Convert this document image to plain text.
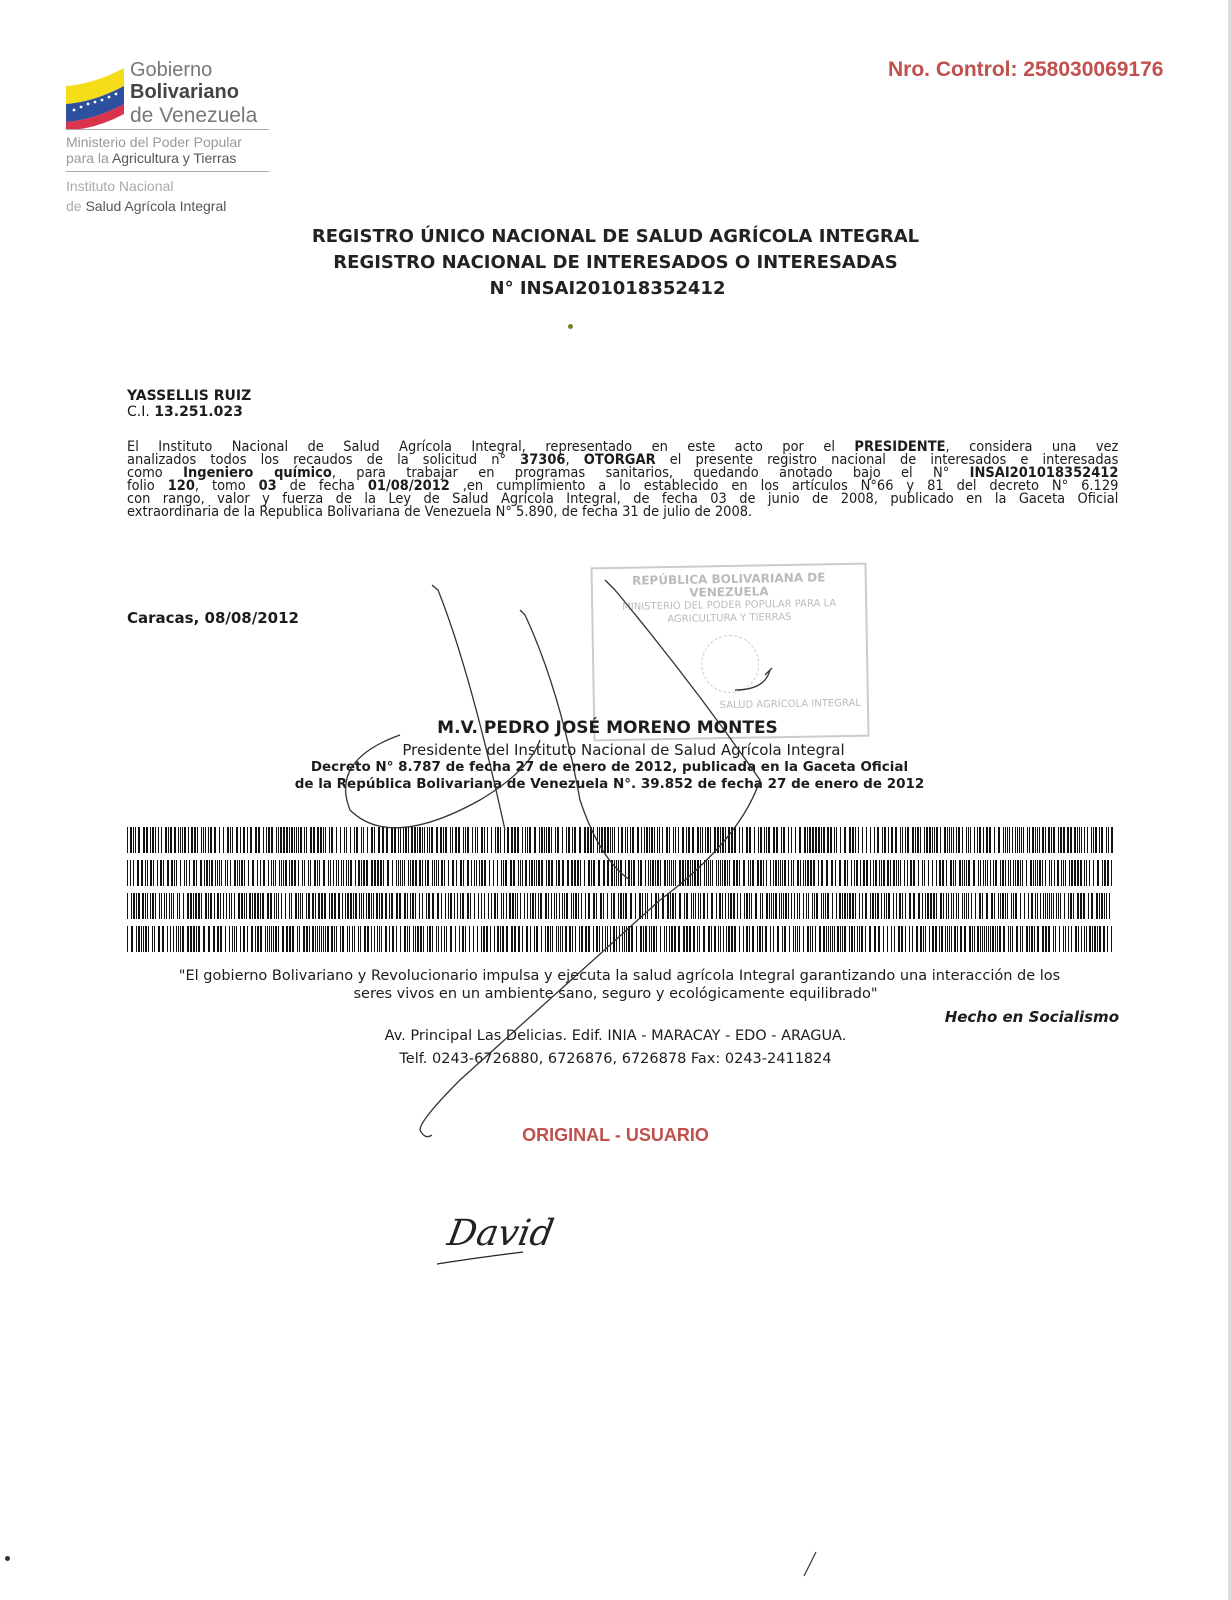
Gobierno
Bolivariano
de Venezuela
Ministerio del Poder Popular
para la Agricultura y Tierras
Instituto Nacional
de Salud Agrícola Integral
Nro. Control: 258030069176
REGISTRO ÚNICO NACIONAL DE SALUD AGRÍCOLA INTEGRAL
REGISTRO NACIONAL DE INTERESADOS O INTERESADAS
N° INSAI201018352412
YASSELLIS RUIZ
C.I. 13.251.023
El Instituto Nacional de Salud Agrícola Integral, representado en este acto por el PRESIDENTE, considera una vez
analizados todos los recaudos de la solicitud n° 37306, OTORGAR el presente registro nacional de interesados e interesadas
como Ingeniero químico, para trabajar en programas sanitarios, quedando anotado bajo el N° INSAI201018352412
folio 120, tomo 03 de fecha 01/08/2012 ,en cumplimiento a lo establecido en los artículos N°66 y 81 del decreto N° 6.129
con rango, valor y fuerza de la Ley de Salud Agrícola Integral, de fecha 03 de junio de 2008, publicado en la Gaceta Oficial
extraordinaria de la Republica Bolivariana de Venezuela N° 5.890, de fecha 31 de julio de 2008.
Caracas, 08/08/2012
REPÚBLICA BOLIVARIANA DE VENEZUELA
MINISTERIO DEL PODER POPULAR PARA LA
AGRICULTURA Y TIERRAS
SALUD AGRÍCOLA INTEGRAL
M.V. PEDRO JOSÉ MORENO MONTES
Presidente del Instituto Nacional de Salud Agrícola Integral
Decreto N° 8.787 de fecha 27 de enero de 2012, publicada en la Gaceta Oficial
de la República Bolivariana de Venezuela N°. 39.852 de fecha 27 de enero de 2012
"El gobierno Bolivariano y Revolucionario impulsa y ejecuta la salud agrícola Integral garantizando una interacción de los
seres vivos en un ambiente sano, seguro y ecológicamente equilibrado"
Hecho en Socialismo
Av. Principal Las Delicias. Edif. INIA - MARACAY - EDO - ARAGUA.
Telf. 0243-6726880, 6726876, 6726878 Fax: 0243-2411824
ORIGINAL - USUARIO
David
